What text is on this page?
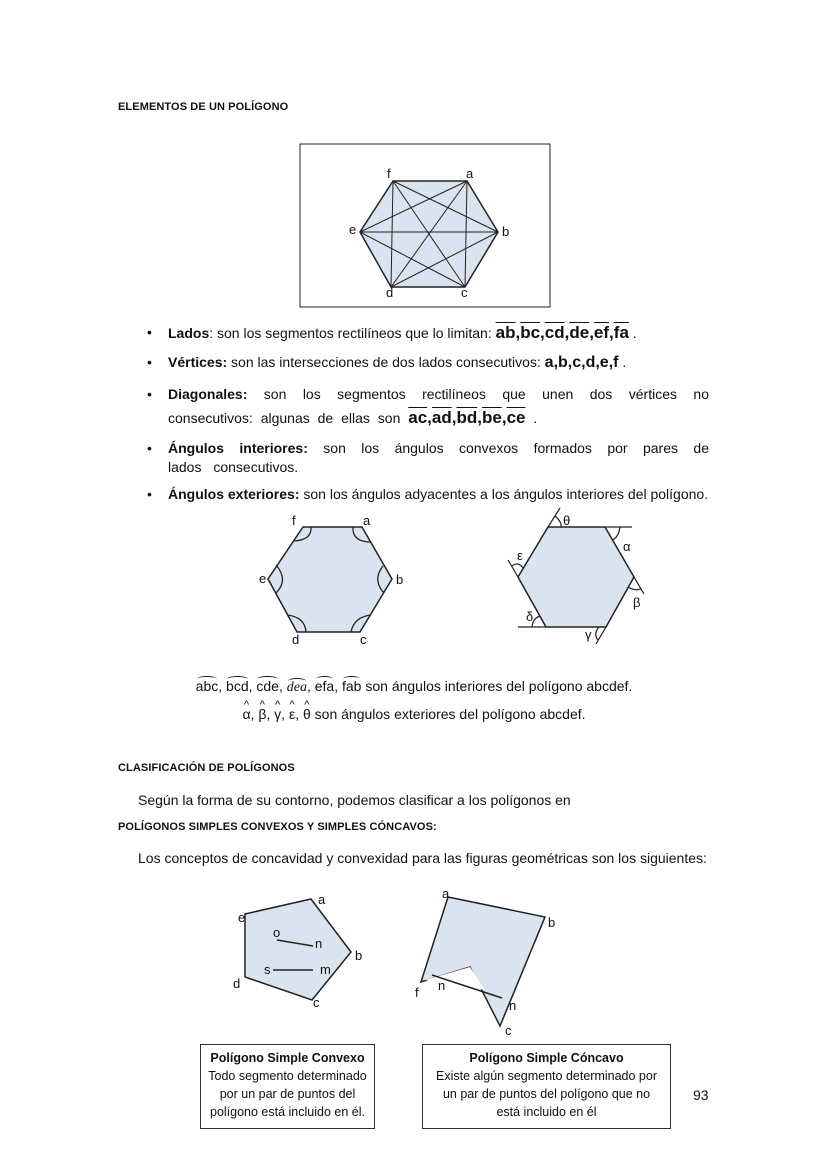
ELEMENTOS DE UN POLÍGONO
f	a
b
c
d
e
f	a
b
c
d
e
θ
α
β
γ
δ
ε
a
b
c
d
e
o
n
s	m
a
b
c
f n
n
• Lados: son los segmentos rectilíneos que lo limitan: $\overline{ab},\overline{bc},\overline{cd},\overline{de},\overline{ef},\overline{fa}$ .
• Vértices: son las intersecciones de dos lados consecutivos: a,b,c,d,e,f .
• Diagonales: son los segmentos rectilíneos que unen dos vértices no consecutivos: algunas de ellas son $\overline{ac},\overline{ad},\overline{bd},\overline{be},\overline{ce}$ .
• Ángulos interiores: son los ángulos convexos formados por pares de lados consecutivos.
• Ángulos exteriores: son los ángulos adyacentes a los ángulos interiores del polígono.
abc, bcd, cde, dea, efa, fab son ángulos interiores del polígono abcdef.
^ α, ^ β, ^ γ, ^ ε, ^ θ son ángulos exteriores del polígono abcdef.
CLASIFICACIÓN DE POLÍGONOS
Según la forma de su contorno, podemos clasificar a los polígonos en
POLÍGONOS SIMPLES CONVEXOS Y SIMPLES CÓNCAVOS:
Los conceptos de concavidad y convexidad para las figuras geométricas son los siguientes:
Polígono Simple Convexo
Todo segmento determinado
por un par de puntos del
polígono está incluido en él.
Polígono Simple Cóncavo
Existe algún segmento determinado por
un par de puntos del polígono que no
está incluido en él
93
